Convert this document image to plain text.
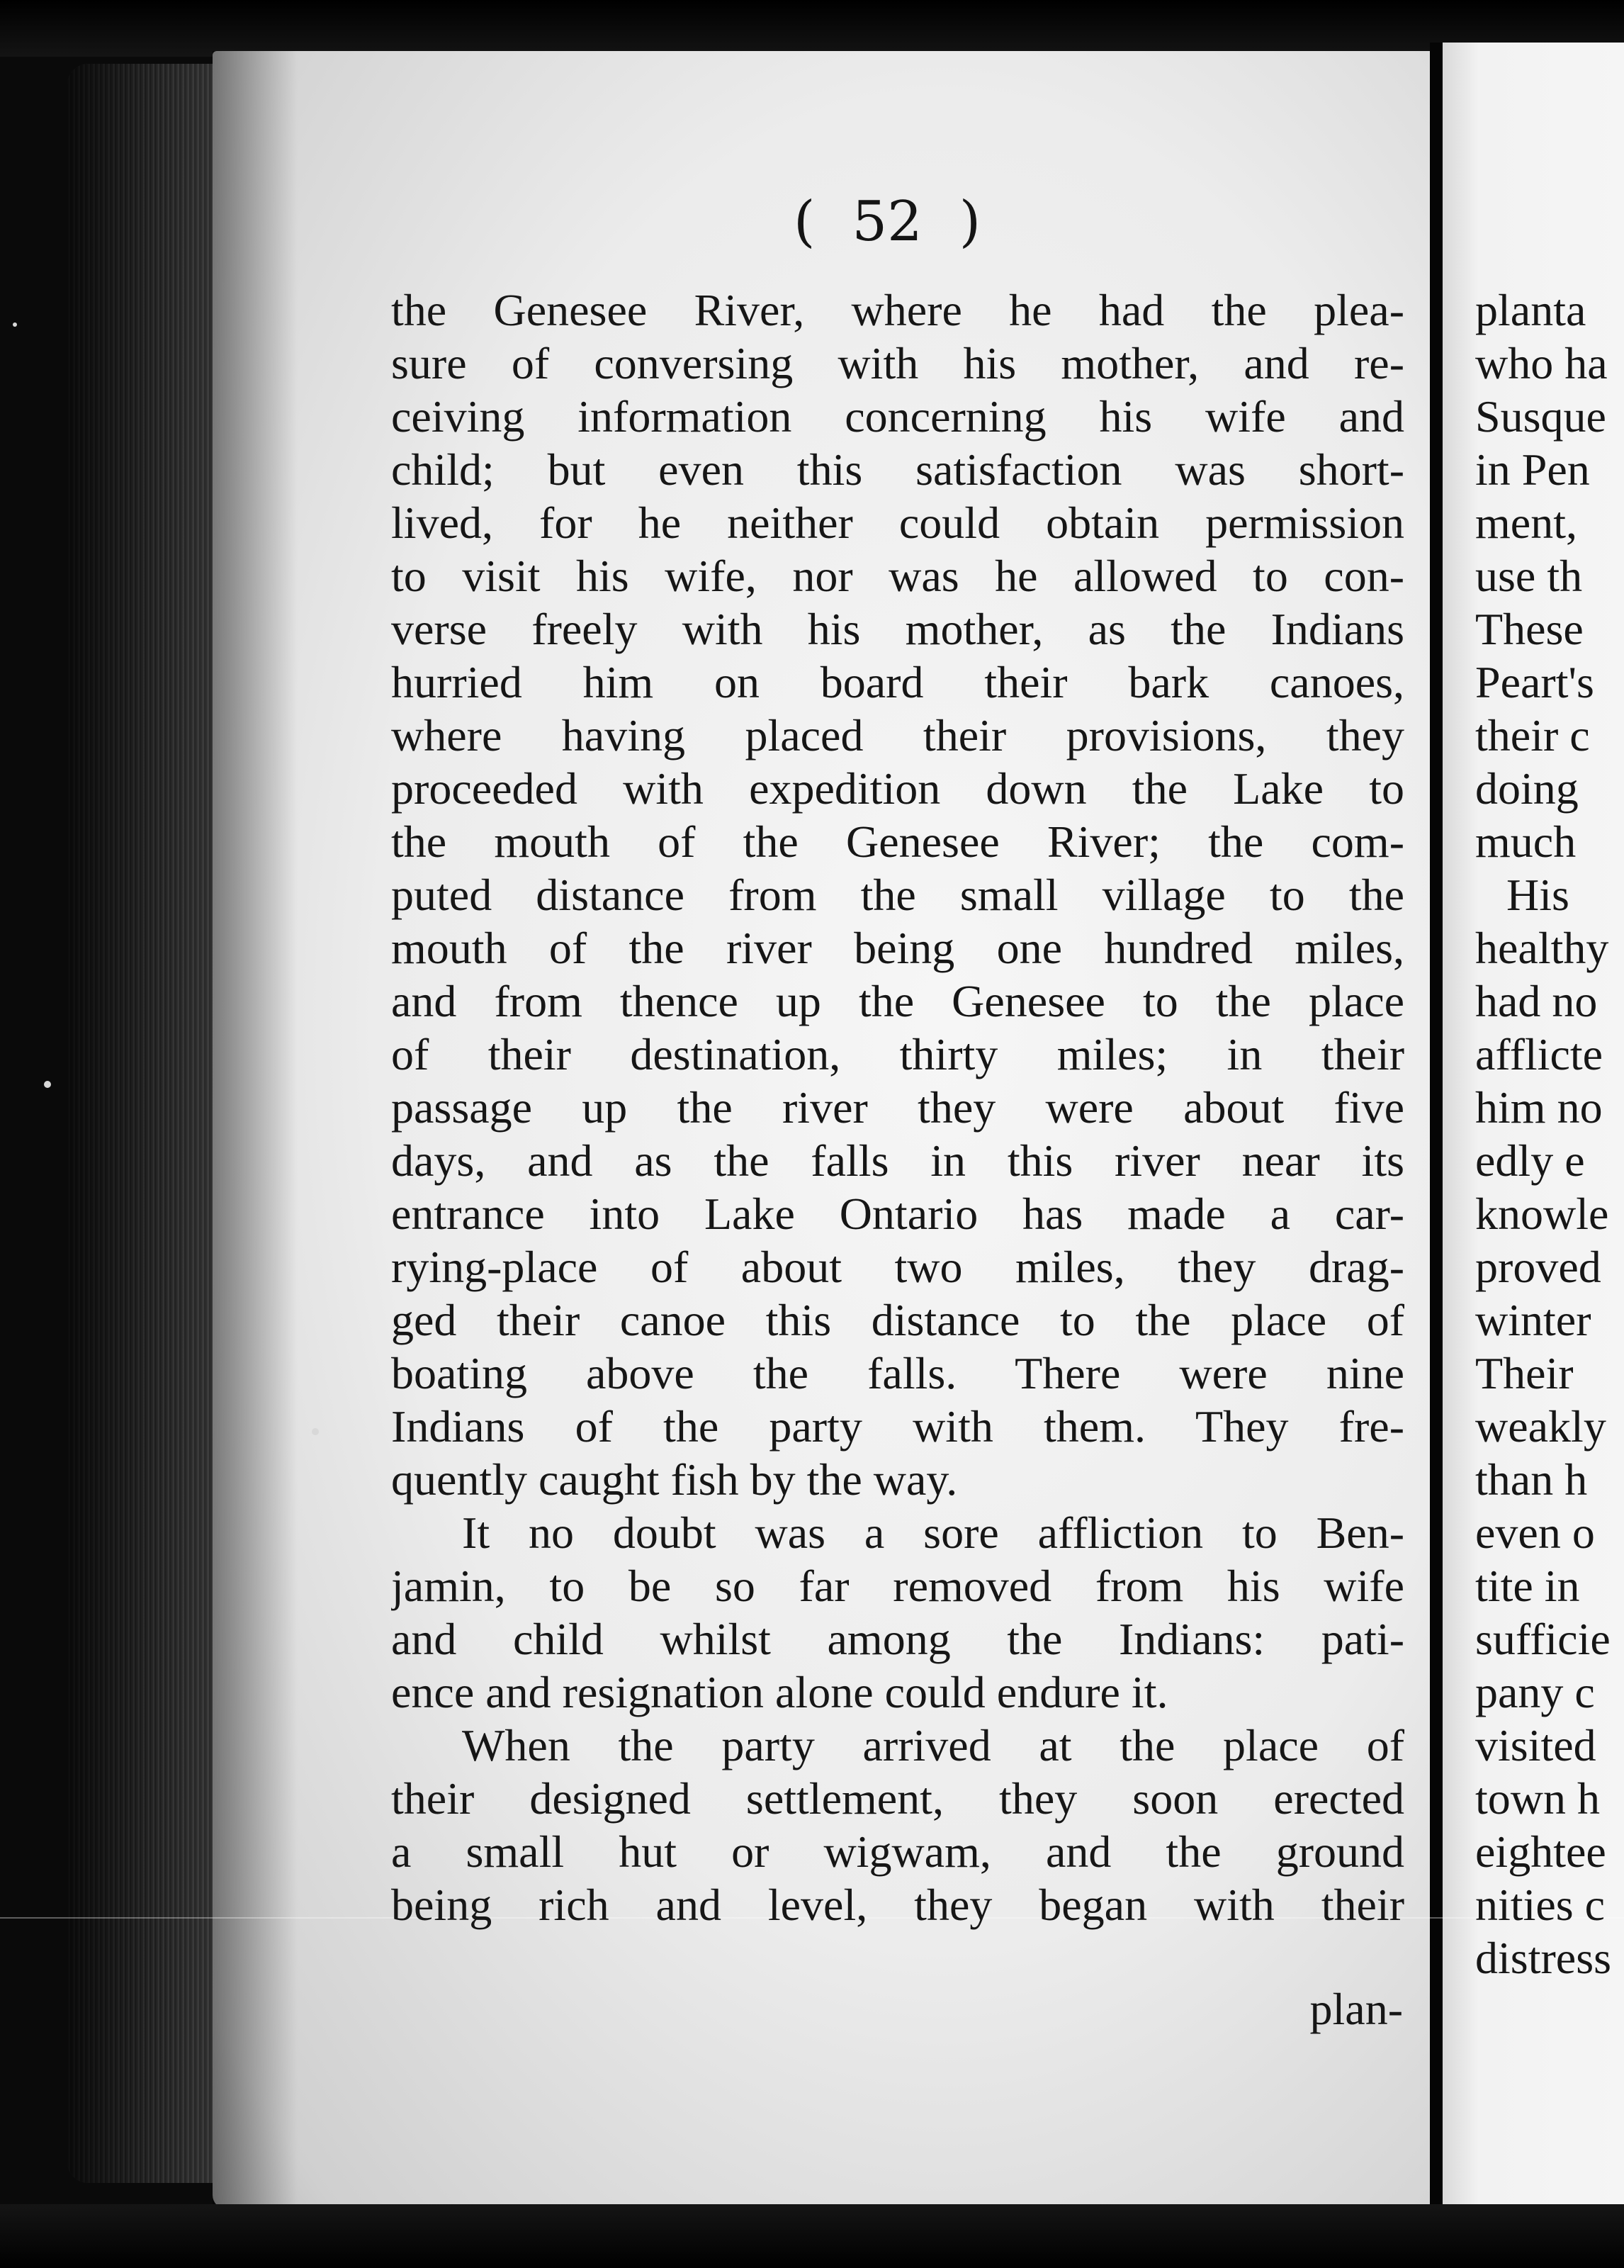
( 52 )
the Genesee River, where he had the plea-
sure of conversing with his mother, and re-
ceiving information concerning his wife and
child; but even this satisfaction was short-
lived, for he neither could obtain permission
to visit his wife, nor was he allowed to con-
verse freely with his mother, as the Indians
hurried him on board their bark canoes,
where having placed their provisions, they
proceeded with expedition down the Lake to
the mouth of the Genesee River; the com-
puted distance from the small village to the
mouth of the river being one hundred miles,
and from thence up the Genesee to the place
of their destination, thirty miles; in their
passage up the river they were about five
days, and as the falls in this river near its
entrance into Lake Ontario has made a car-
rying-place of about two miles, they drag-
ged their canoe this distance to the place of
boating above the falls. There were nine
Indians of the party with them. They fre-
quently caught fish by the way.
It no doubt was a sore affliction to Ben-
jamin, to be so far removed from his wife
and child whilst among the Indians: pati-
ence and resignation alone could endure it.
When the party arrived at the place of
their designed settlement, they soon erected
a small hut or wigwam, and the ground
being rich and level, they began with their
plan-
planta
who ha
Susque
in Pen
ment,
use th
These
Peart's
their c
doing
much
His
healthy
had no
afflicte
him no
edly e
knowle
proved
winter
Their
weakly
than h
even o
tite in
sufficie
pany c
visited
town h
eightee
nities c
distress
